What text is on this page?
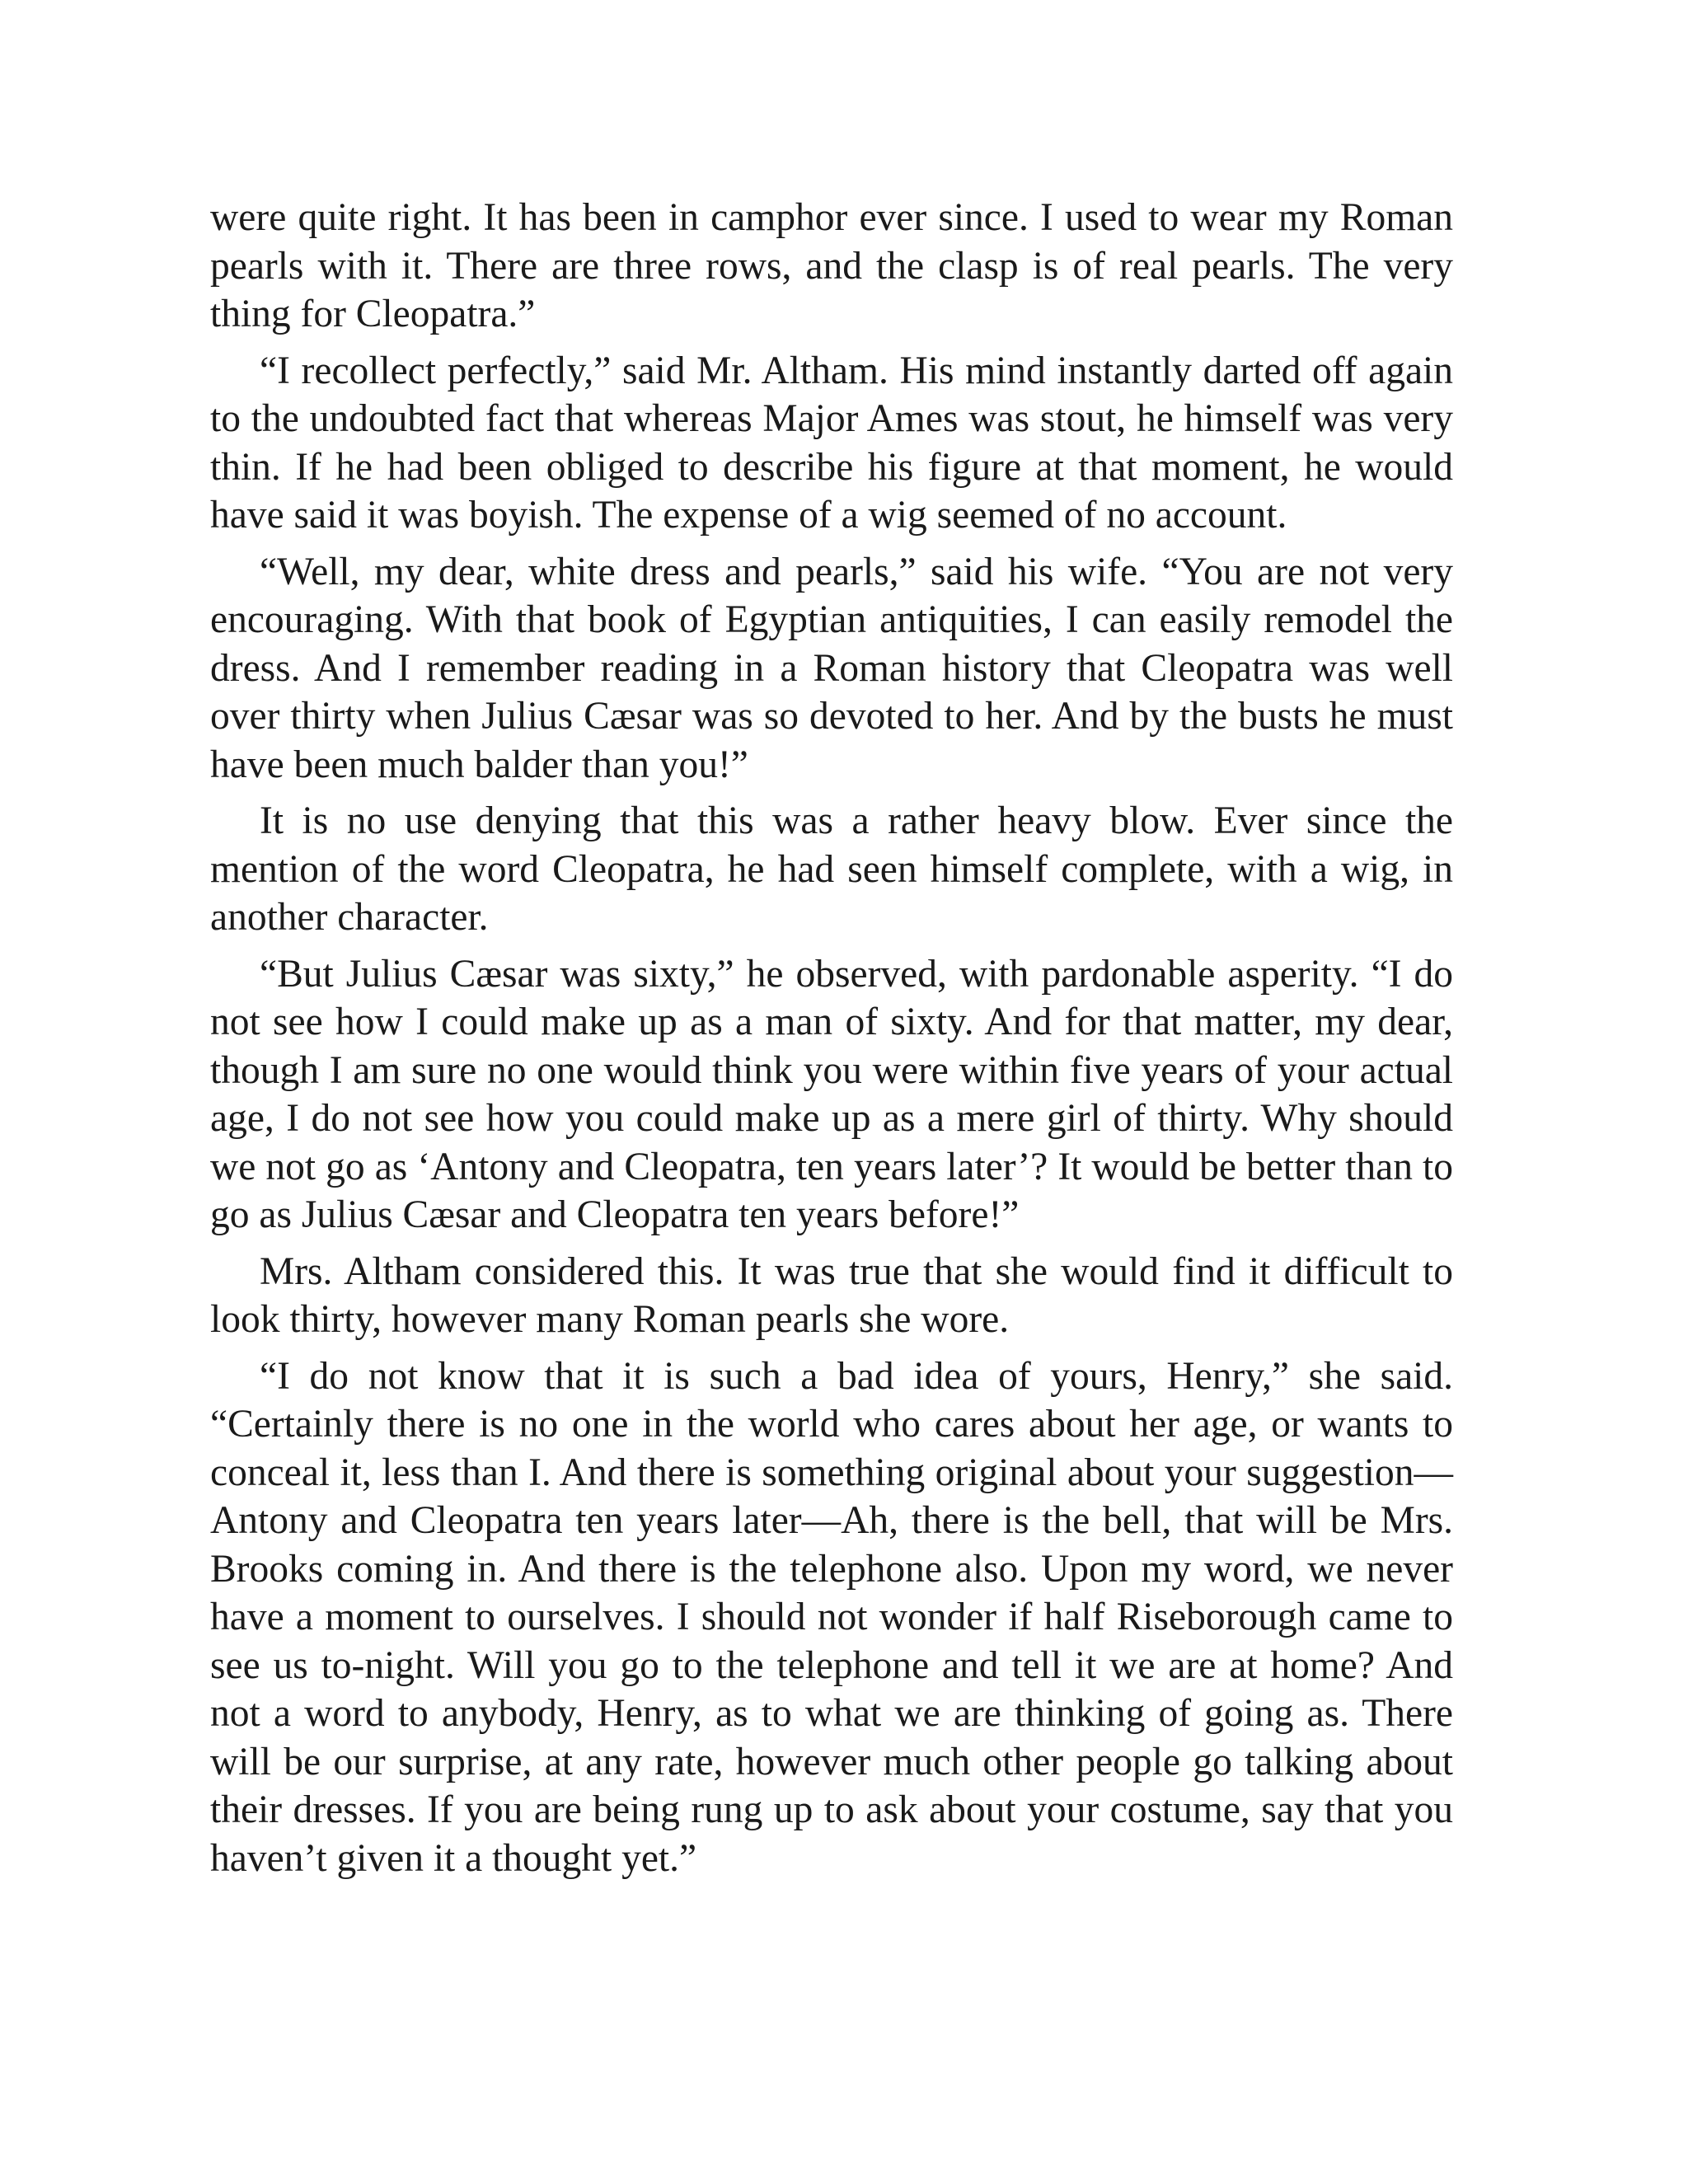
were quite right. It has been in camphor ever since. I used to wear my Roman pearls with it. There are three rows, and the clasp is of real pearls. The very thing for Cleopatra.”

“I recollect perfectly,” said Mr. Altham. His mind instantly darted off again to the undoubted fact that whereas Major Ames was stout, he himself was very thin. If he had been obliged to describe his figure at that moment, he would have said it was boyish. The expense of a wig seemed of no account.

“Well, my dear, white dress and pearls,” said his wife. “You are not very encouraging. With that book of Egyptian antiquities, I can easily remodel the dress. And I remember reading in a Roman history that Cleopatra was well over thirty when Julius Cæsar was so devoted to her. And by the busts he must have been much balder than you!”

It is no use denying that this was a rather heavy blow. Ever since the mention of the word Cleopatra, he had seen himself complete, with a wig, in another character.

“But Julius Cæsar was sixty,” he observed, with pardonable asperity. “I do not see how I could make up as a man of sixty. And for that matter, my dear, though I am sure no one would think you were within five years of your actual age, I do not see how you could make up as a mere girl of thirty. Why should we not go as ‘Antony and Cleopatra, ten years later’? It would be better than to go as Julius Cæsar and Cleopatra ten years before!”

Mrs. Altham considered this. It was true that she would find it difficult to look thirty, however many Roman pearls she wore.

“I do not know that it is such a bad idea of yours, Henry,” she said. “Certainly there is no one in the world who cares about her age, or wants to conceal it, less than I. And there is something original about your suggestion—Antony and Cleopatra ten years later—Ah, there is the bell, that will be Mrs. Brooks coming in. And there is the telephone also. Upon my word, we never have a moment to ourselves. I should not wonder if half Riseborough came to see us to-night. Will you go to the telephone and tell it we are at home? And not a word to anybody, Henry, as to what we are thinking of going as. There will be our surprise, at any rate, however much other people go talking about their dresses. If you are being rung up to ask about your costume, say that you haven’t given it a thought yet.”
